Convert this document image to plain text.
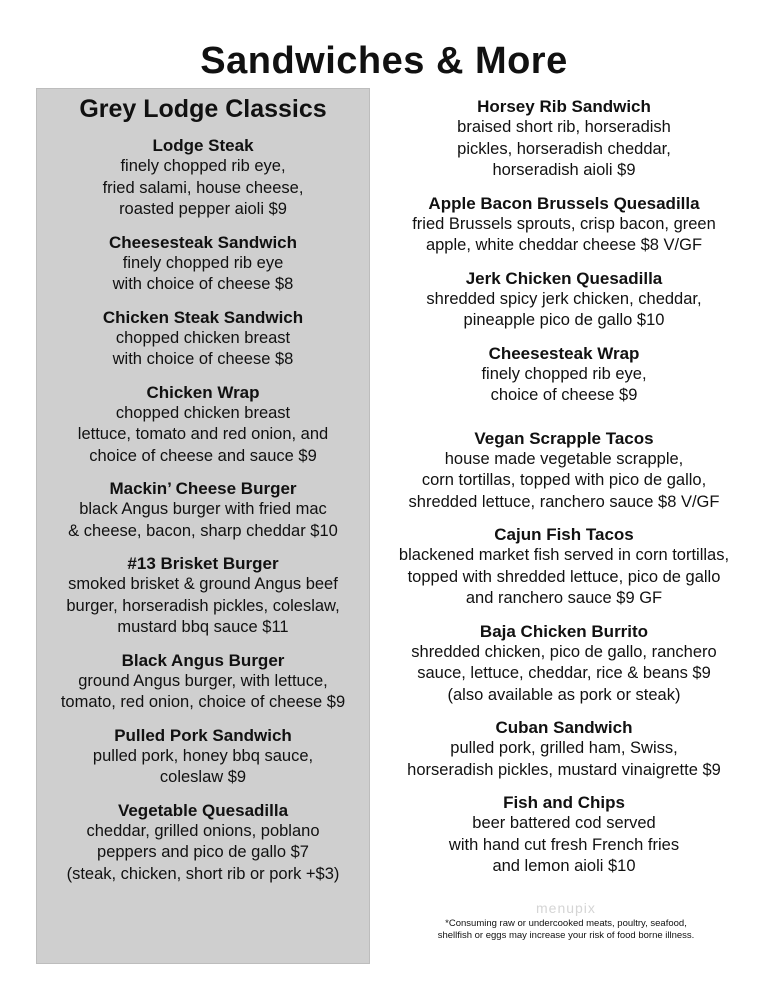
Sandwiches & More
Grey Lodge Classics
Lodge Steak
finely chopped rib eye,
fried salami, house cheese,
roasted pepper aioli $9
Cheesesteak Sandwich
finely chopped rib eye
with choice of cheese $8
Chicken Steak Sandwich
chopped chicken breast
with choice of cheese $8
Chicken Wrap
chopped chicken breast
lettuce, tomato and red onion, and
choice of cheese and sauce $9
Mackin’ Cheese Burger
black Angus burger with fried mac
& cheese, bacon, sharp cheddar $10
#13 Brisket Burger
smoked brisket & ground Angus beef
burger, horseradish pickles, coleslaw,
mustard bbq sauce $11
Black Angus Burger
ground Angus burger, with lettuce,
tomato, red onion, choice of cheese $9
Pulled Pork Sandwich
pulled pork, honey bbq sauce,
coleslaw $9
Vegetable Quesadilla
cheddar, grilled onions, poblano
peppers and pico de gallo $7
(steak, chicken, short rib or pork +$3)
Horsey Rib Sandwich
braised short rib, horseradish
pickles, horseradish cheddar,
horseradish aioli $9
Apple Bacon Brussels Quesadilla
fried Brussels sprouts, crisp bacon, green
apple, white cheddar cheese $8 V/GF
Jerk Chicken Quesadilla
shredded spicy jerk chicken, cheddar,
pineapple pico de gallo $10
Cheesesteak Wrap
finely chopped rib eye,
choice of cheese $9
Vegan Scrapple Tacos
house made vegetable scrapple,
corn tortillas, topped with pico de gallo,
shredded lettuce, ranchero sauce $8 V/GF
Cajun Fish Tacos
blackened market fish served in corn tortillas,
topped with shredded lettuce, pico de gallo
and ranchero sauce $9 GF
Baja Chicken Burrito
shredded chicken, pico de gallo, ranchero
sauce, lettuce, cheddar, rice & beans $9
(also available as pork or steak)
Cuban Sandwich
pulled pork, grilled ham, Swiss,
horseradish pickles, mustard vinaigrette $9
Fish and Chips
beer battered cod served
with hand cut fresh French fries
and lemon aioli $10
menupix
*Consuming raw or undercooked meats, poultry, seafood,
shellfish or eggs may increase your risk of food borne illness.
